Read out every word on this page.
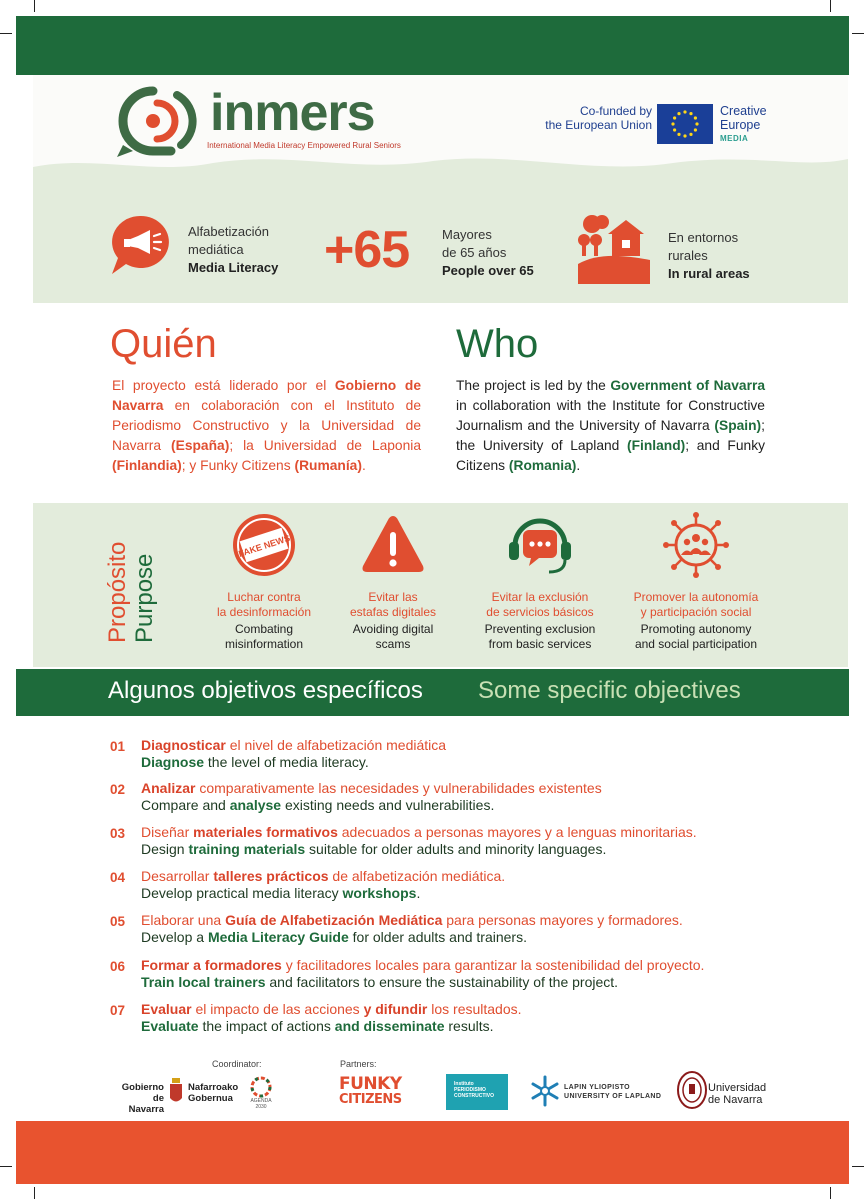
inmers
International Media Literacy Empowered Rural Seniors
Co-funded by
the European Union
Creative
Europe
MEDIA
Alfabetización
mediática
Media Literacy +65	Mayores
de 65 años
People over 65
En entornos
rurales
In rural areas
Quién	Who
El proyecto está liderado por el Gobierno de Navarra en colaboración con el Instituto de Periodismo Constructivo y la Universidad de Navarra (España); la Universidad de Laponia (Finlandia); y Funky Citizens (Rumanía).
The project is led by the Government of Navarra in collaboration with the Institute for Constructive Journalism and the University of Navarra (Spain); the University of Lapland (Finland); and Funky Citizens (Romania).
Propósito Purpose
FAKE NEWS
Luchar contra
la desinformación
Combating
misinformation
Evitar las
estafas digitales
Avoiding digital
scams
Evitar la exclusión
de servicios básicos
Preventing exclusion
from basic services
Promover la autonomía
y participación social
Promoting autonomy
and social participation
Algunos objetivos específicos Some specific objectives
01 Diagnosticar el nivel de alfabetización mediática
Diagnose the level of media literacy.
02 Analizar comparativamente las necesidades y vulnerabilidades existentes
Compare and analyse existing needs and vulnerabilities.
03 Diseñar materiales formativos adecuados a personas mayores y a lenguas minoritarias.
Design training materials suitable for older adults and minority languages.
04 Desarrollar talleres prácticos de alfabetización mediática.
Develop practical media literacy workshops.
05 Elaborar una Guía de Alfabetización Mediática para personas mayores y formadores.
Develop a Media Literacy Guide for older adults and trainers.
06 Formar a formadores y facilitadores locales para garantizar la sostenibilidad del proyecto.
Train local trainers and facilitators to ensure the sustainability of the project.
07 Evaluar el impacto de las acciones y difundir los resultados.
Evaluate the impact of actions and disseminate results.
Coordinator:	Partners:
Gobierno
de Navarra
Nafarroako
Gobernua	AGENDA
2030
FUNKY
CITIZENS
Instituto
PERIODISMO
CONSTRUCTIVO
LAPIN YLIOPISTO
UNIVERSITY OF LAPLAND
Universidad
de Navarra
